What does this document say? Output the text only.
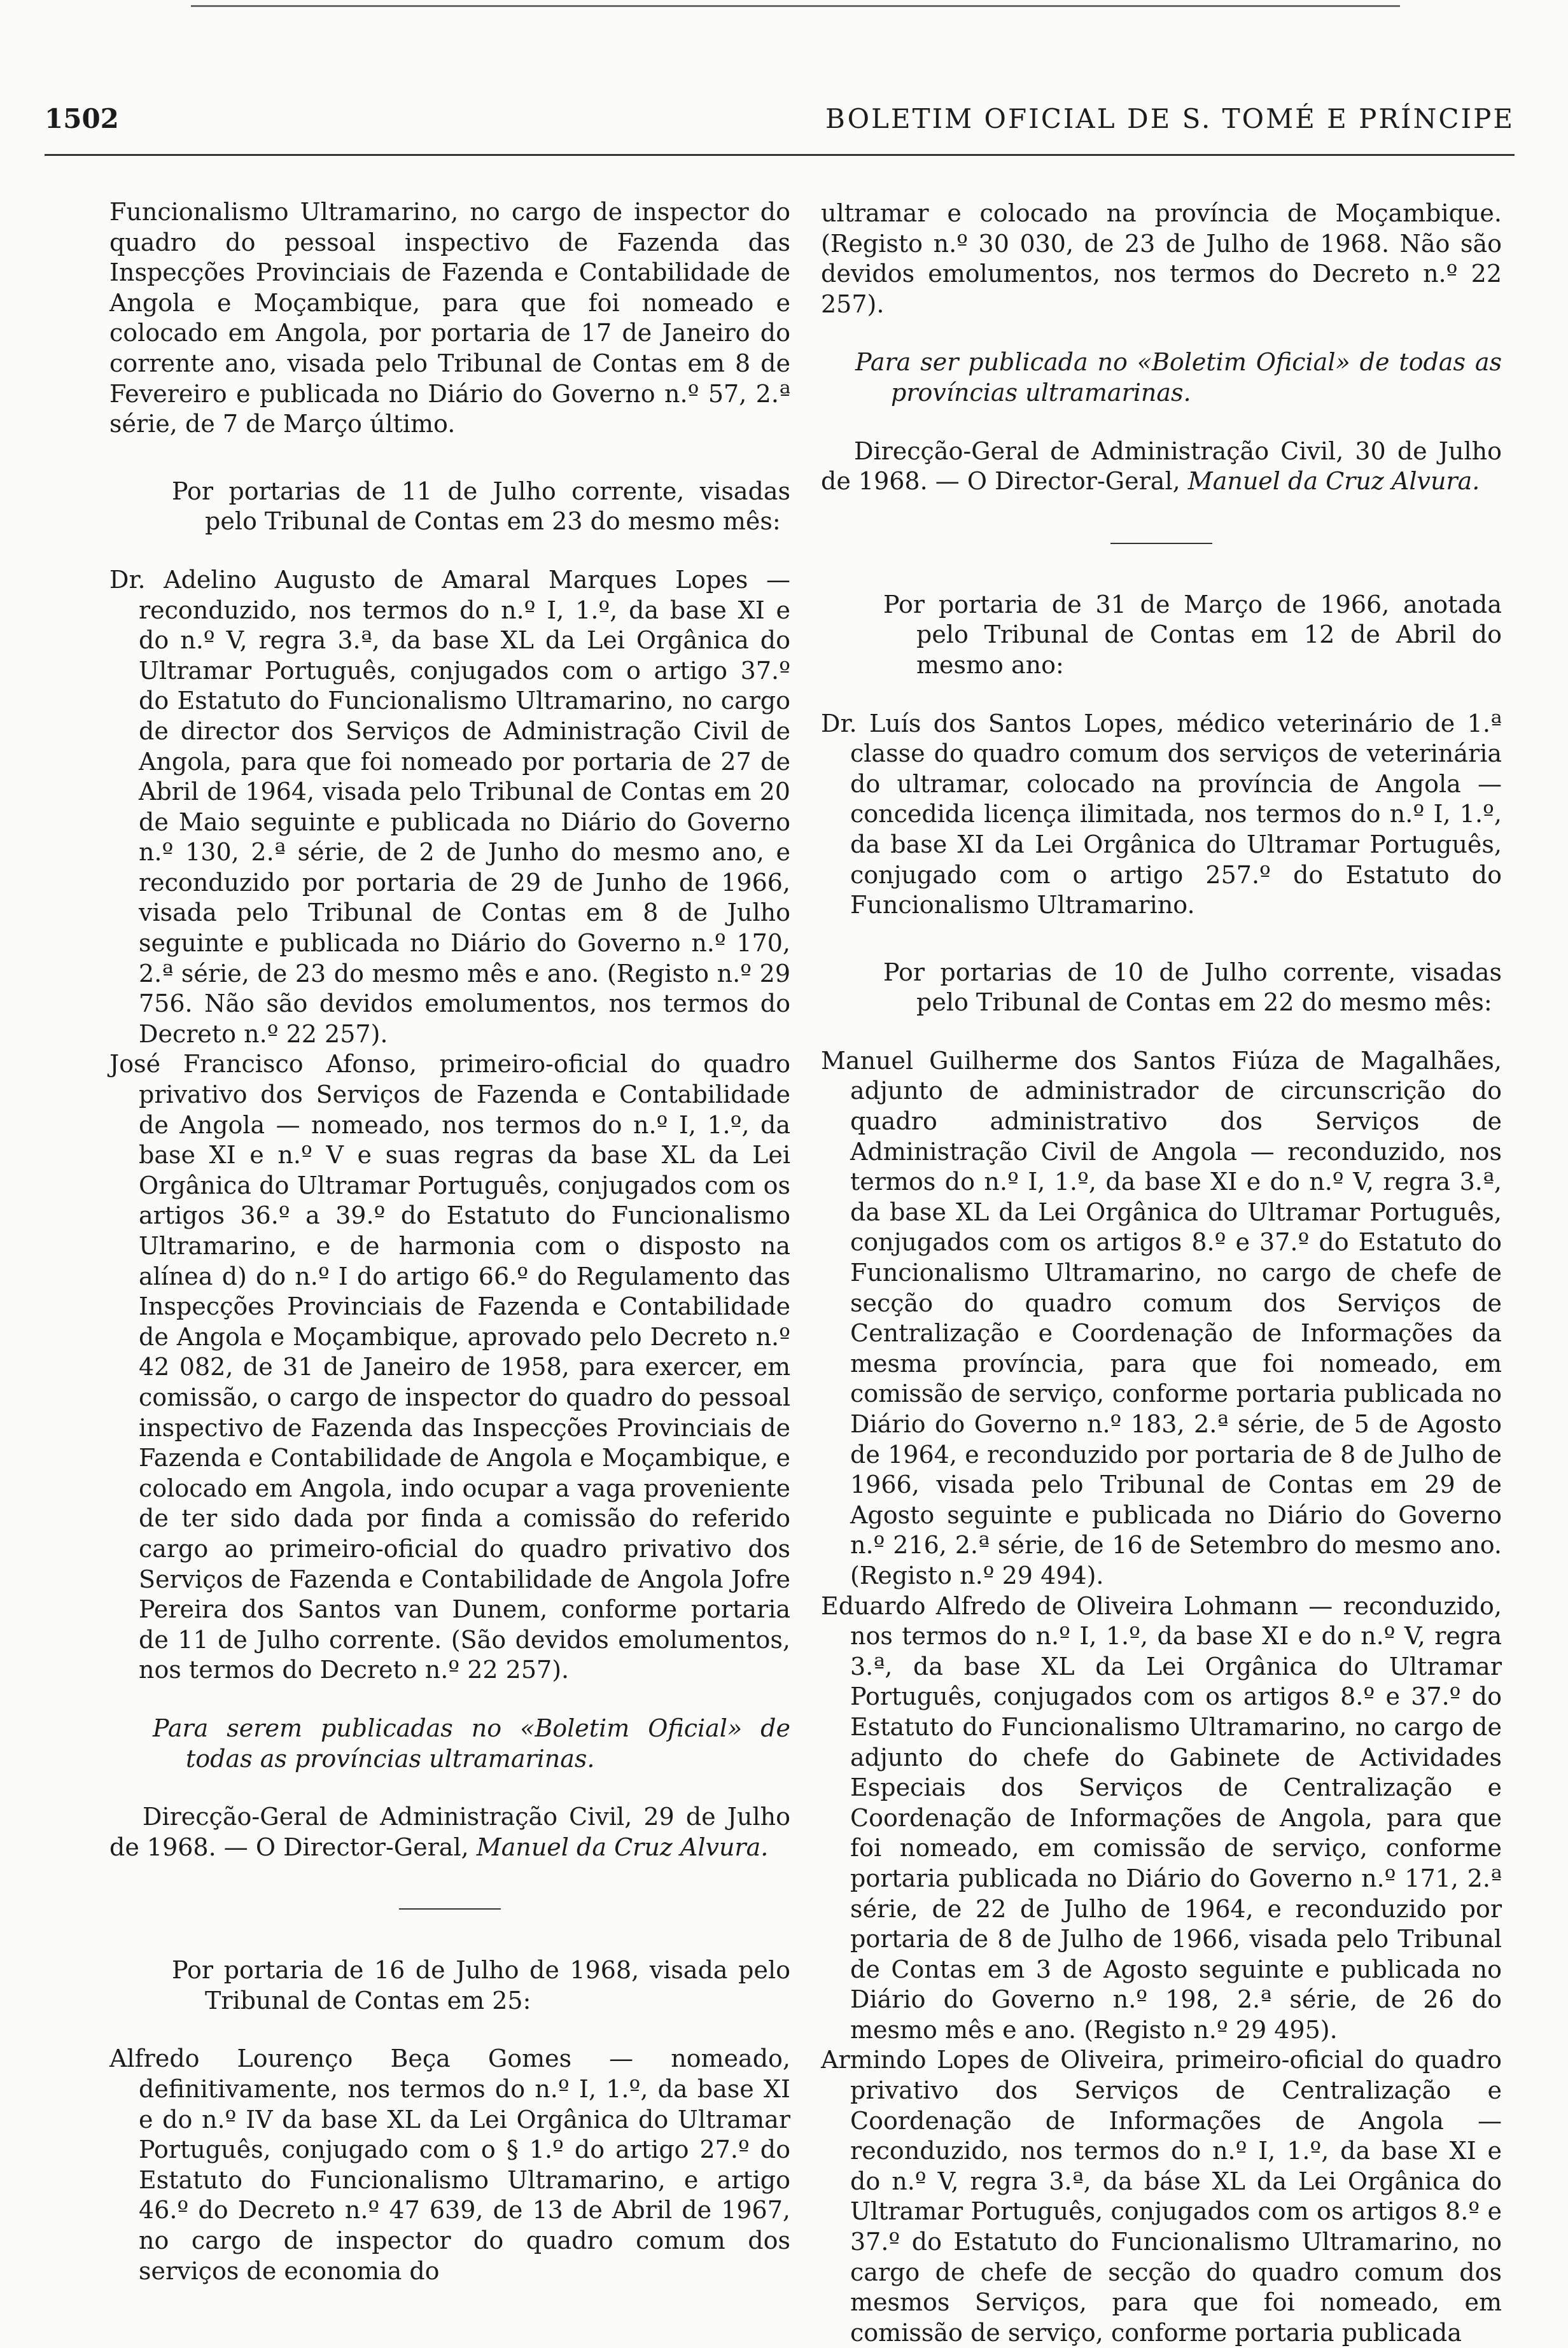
1502	BOLETIM OFICIAL DE S. TOMÉ E PRÍNCIPE

Funcionalismo Ultramarino, no cargo de inspector do quadro do pessoal inspectivo de Fazenda das Inspecções Provinciais de Fazenda e Contabilidade de Angola e Moçambique, para que foi nomeado e colocado em Angola, por portaria de 17 de Janeiro do corrente ano, visada pelo Tribunal de Contas em 8 de Fevereiro e publicada no Diário do Governo n.º 57, 2.ª série, de 7 de Março último.

Por portarias de 11 de Julho corrente, visadas pelo Tribunal de Contas em 23 do mesmo mês:

Dr. Adelino Augusto de Amaral Marques Lopes — reconduzido, nos termos do n.º I, 1.º, da base XI e do n.º V, regra 3.ª, da base XL da Lei Orgânica do Ultramar Português, conjugados com o artigo 37.º do Estatuto do Funcionalismo Ultramarino, no cargo de director dos Serviços de Administração Civil de Angola, para que foi nomeado por portaria de 27 de Abril de 1964, visada pelo Tribunal de Contas em 20 de Maio seguinte e publicada no Diário do Governo n.º 130, 2.ª série, de 2 de Junho do mesmo ano, e reconduzido por portaria de 29 de Junho de 1966, visada pelo Tribunal de Contas em 8 de Julho seguinte e publicada no Diário do Governo n.º 170, 2.ª série, de 23 do mesmo mês e ano. (Registo n.º 29 756. Não são devidos emolumentos, nos termos do Decreto n.º 22 257).

José Francisco Afonso, primeiro-oficial do quadro privativo dos Serviços de Fazenda e Contabilidade de Angola — nomeado, nos termos do n.º I, 1.º, da base XI e n.º V e suas regras da base XL da Lei Orgânica do Ultramar Português, conjugados com os artigos 36.º a 39.º do Estatuto do Funcionalismo Ultramarino, e de harmonia com o disposto na alínea d) do n.º I do artigo 66.º do Regulamento das Inspecções Provinciais de Fazenda e Contabilidade de Angola e Moçambique, aprovado pelo Decreto n.º 42 082, de 31 de Janeiro de 1958, para exercer, em comissão, o cargo de inspector do quadro do pessoal inspectivo de Fazenda das Inspecções Provinciais de Fazenda e Contabilidade de Angola e Moçambique, e colocado em Angola, indo ocupar a vaga proveniente de ter sido dada por finda a comissão do referido cargo ao primeiro-oficial do quadro privativo dos Serviços de Fazenda e Contabilidade de Angola Jofre Pereira dos Santos van Dunem, conforme portaria de 11 de Julho corrente. (São devidos emolumentos, nos termos do Decreto n.º 22 257).

Para serem publicadas no «Boletim Oficial» de todas as províncias ultramarinas.

Direcção-Geral de Administração Civil, 29 de Julho de 1968. — O Director-Geral, Manuel da Cruz Alvura.

Por portaria de 16 de Julho de 1968, visada pelo Tribunal de Contas em 25:

Alfredo Lourenço Beça Gomes — nomeado, definitivamente, nos termos do n.º I, 1.º, da base XI e do n.º IV da base XL da Lei Orgânica do Ultramar Português, conjugado com o § 1.º do artigo 27.º do Estatuto do Funcionalismo Ultramarino, e artigo 46.º do Decreto n.º 47 639, de 13 de Abril de 1967, no cargo de inspector do quadro comum dos serviços de economia do

ultramar e colocado na província de Moçambique. (Registo n.º 30 030, de 23 de Julho de 1968. Não são devidos emolumentos, nos termos do Decreto n.º 22 257).

Para ser publicada no «Boletim Oficial» de todas as províncias ultramarinas.

Direcção-Geral de Administração Civil, 30 de Julho de 1968. — O Director-Geral, Manuel da Cruz Alvura.

Por portaria de 31 de Março de 1966, anotada pelo Tribunal de Contas em 12 de Abril do mesmo ano:

Dr. Luís dos Santos Lopes, médico veterinário de 1.ª classe do quadro comum dos serviços de veterinária do ultramar, colocado na província de Angola — concedida licença ilimitada, nos termos do n.º I, 1.º, da base XI da Lei Orgânica do Ultramar Português, conjugado com o artigo 257.º do Estatuto do Funcionalismo Ultramarino.

Por portarias de 10 de Julho corrente, visadas pelo Tribunal de Contas em 22 do mesmo mês:

Manuel Guilherme dos Santos Fiúza de Magalhães, adjunto de administrador de circunscrição do quadro administrativo dos Serviços de Administração Civil de Angola — reconduzido, nos termos do n.º I, 1.º, da base XI e do n.º V, regra 3.ª, da base XL da Lei Orgânica do Ultramar Português, conjugados com os artigos 8.º e 37.º do Estatuto do Funcionalismo Ultramarino, no cargo de chefe de secção do quadro comum dos Serviços de Centralização e Coordenação de Informações da mesma província, para que foi nomeado, em comissão de serviço, conforme portaria publicada no Diário do Governo n.º 183, 2.ª série, de 5 de Agosto de 1964, e reconduzido por portaria de 8 de Julho de 1966, visada pelo Tribunal de Contas em 29 de Agosto seguinte e publicada no Diário do Governo n.º 216, 2.ª série, de 16 de Setembro do mesmo ano. (Registo n.º 29 494).

Eduardo Alfredo de Oliveira Lohmann — reconduzido, nos termos do n.º I, 1.º, da base XI e do n.º V, regra 3.ª, da base XL da Lei Orgânica do Ultramar Português, conjugados com os artigos 8.º e 37.º do Estatuto do Funcionalismo Ultramarino, no cargo de adjunto do chefe do Gabinete de Actividades Especiais dos Serviços de Centralização e Coordenação de Informações de Angola, para que foi nomeado, em comissão de serviço, conforme portaria publicada no Diário do Governo n.º 171, 2.ª série, de 22 de Julho de 1964, e reconduzido por portaria de 8 de Julho de 1966, visada pelo Tribunal de Contas em 3 de Agosto seguinte e publicada no Diário do Governo n.º 198, 2.ª série, de 26 do mesmo mês e ano. (Registo n.º 29 495).

Armindo Lopes de Oliveira, primeiro-oficial do quadro privativo dos Serviços de Centralização e Coordenação de Informações de Angola — reconduzido, nos termos do n.º I, 1.º, da base XI e do n.º V, regra 3.ª, da báse XL da Lei Orgânica do Ultramar Português, conjugados com os artigos 8.º e 37.º do Estatuto do Funcionalismo Ultramarino, no cargo de chefe de secção do quadro comum dos mesmos Serviços, para que foi nomeado, em comissão de serviço, conforme portaria publicada
